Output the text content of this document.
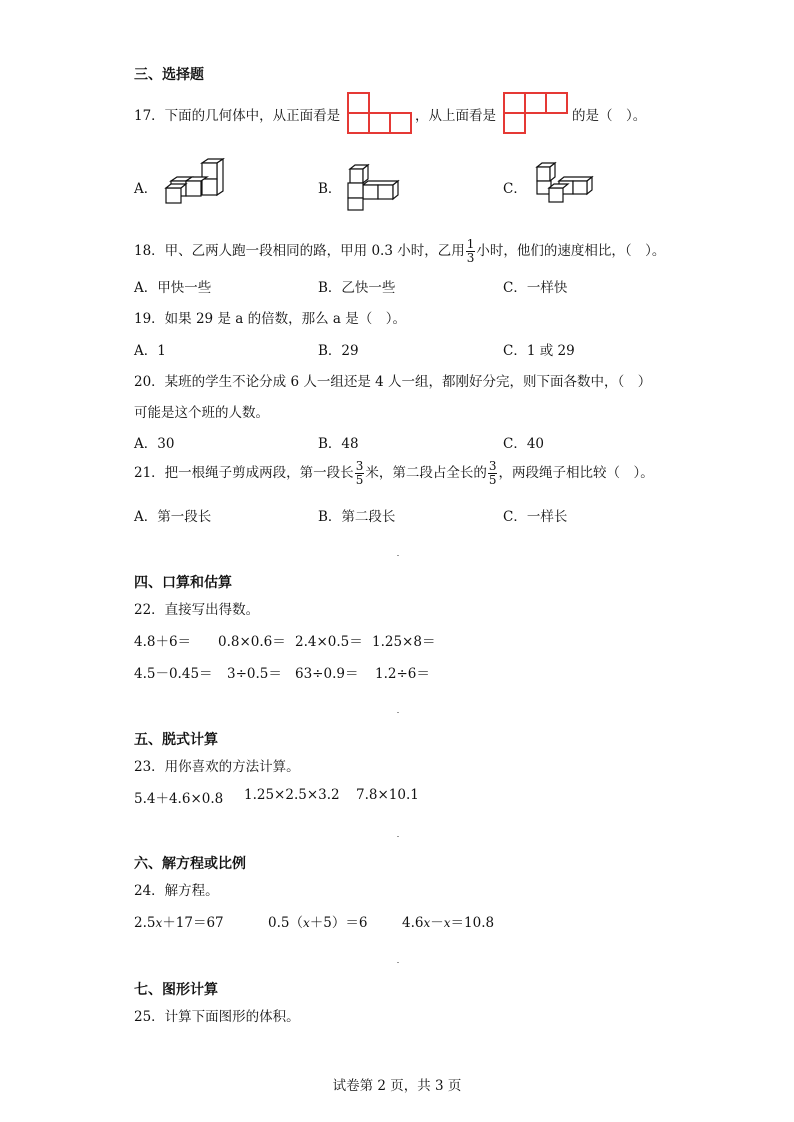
三、选择题
17．下面的几何体中，从正面看是	，从上面看是	的是（　）。
A．	B．	C．
18．甲、乙两人跑一段相同的路，甲用 0.3 小时，乙用 $\frac{1}{3}$ 小时，他们的速度相比，（　）。
A．甲快一些	B．乙快一些	C．一样快
19．如果 29 是 a 的倍数，那么 a 是（　）。
A．1	B．29	C．1 或 29
20．某班的学生不论分成 6 人一组还是 4 人一组，都刚好分完，则下面各数中，（　）
可能是这个班的人数。
A．30	B．48	C．40
21．把一根绳子剪成两段，第一段长 $\frac{3}{5}$ 米，第二段占全长的 $\frac{3}{5}$ ，两段绳子相比较（　）。
A．第一段长	B．第二段长	C．一样长
四、口算和估算
22．直接写出得数。
4.8＋6＝ 0.8×0.6＝ 2.4×0.5＝ 1.25×8＝
4.5－0.45＝ 3÷0.5＝ 63÷0.9＝ 1.2÷6＝
五、脱式计算
23．用你喜欢的方法计算。
5.4＋4.6×0.8 1.25×2.5×3.2 7.8×10.1
六、解方程或比例
24．解方程。
2.5x＋17＝67	0.5（x＋5）＝6	4.6x－x＝10.8
七、图形计算
25．计算下面图形的体积。
试卷第 2 页，共 3 页
